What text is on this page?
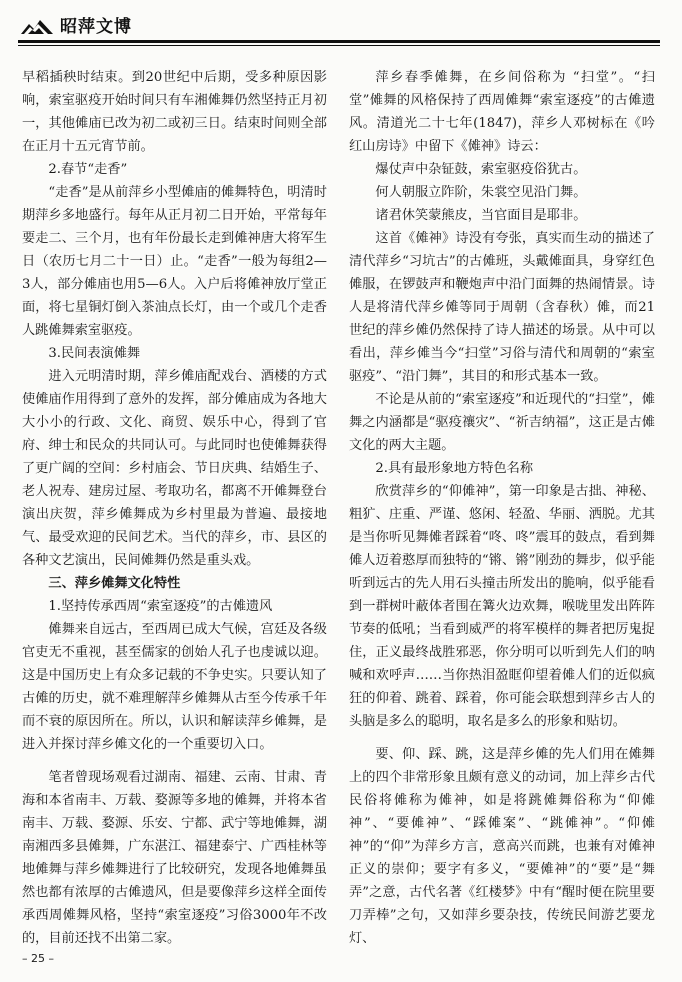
昭萍文博

早稻插秧时结束。到20世纪中后期，受多种原因影响，索室驱疫开始时间只有车湘傩舞仍然坚持正月初一，其他傩庙已改为初二或初三日。结束时间则全部在正月十五元宵节前。

2.春节“走香”

“走香”是从前萍乡小型傩庙的傩舞特色，明清时期萍乡多地盛行。每年从正月初二日开始，平常每年要走二、三个月，也有年份最长走到傩神唐大将军生日（农历七月二十一日）止。“走香”一般为每组2—3人，部分傩庙也用5—6人。入户后将傩神放厅堂正面，将七星铜灯倒入茶油点长灯，由一个或几个走香人跳傩舞索室驱疫。

3.民间表演傩舞

进入元明清时期，萍乡傩庙配戏台、酒楼的方式使傩庙作用得到了意外的发挥，部分傩庙成为各地大大小小的行政、文化、商贸、娱乐中心，得到了官府、绅士和民众的共同认可。与此同时也使傩舞获得了更广阔的空间：乡村庙会、节日庆典、结婚生子、老人祝寿、建房过屋、考取功名，都离不开傩舞登台演出庆贺，萍乡傩舞成为乡村里最为普遍、最接地气、最受欢迎的民间艺术。当代的萍乡，市、县区的各种文艺演出，民间傩舞仍然是重头戏。

三、萍乡傩舞文化特性

1.坚持传承西周“索室逐疫”的古傩遗风

傩舞来自远古，至西周已成大气候，宫廷及各级官吏无不重视，甚至儒家的创始人孔子也虔诚以迎。这是中国历史上有众多记载的不争史实。只要认知了古傩的历史，就不难理解萍乡傩舞从古至今传承千年而不衰的原因所在。所以，认识和解读萍乡傩舞，是进入并探讨萍乡傩文化的一个重要切入口。

笔者曾现场观看过湖南、福建、云南、甘肃、青海和本省南丰、万载、婺源等多地的傩舞，并将本省南丰、万载、婺源、乐安、宁都、武宁等地傩舞，湖南湘西多县傩舞，广东湛江、福建泰宁、广西桂林等地傩舞与萍乡傩舞进行了比较研究，发现各地傩舞虽然也都有浓厚的古傩遗风，但是要像萍乡这样全面传承西周傩舞风格，坚持“索室逐疫”习俗3000年不改的，目前还找不出第二家。

萍乡春季傩舞，在乡间俗称为 “扫堂”。“扫堂”傩舞的风格保持了西周傩舞“索室逐疫”的古傩遗风。清道光二十七年(1847)，萍乡人邓树标在《吟红山房诗》中留下《傩神》诗云：

爆仗声中杂钲鼓，索室驱疫俗犹古。

何人朝服立阼阶，朱裳空见沿门舞。

诸君休笑蒙熊皮，当官面目是耶非。

这首《傩神》诗没有夸张，真实而生动的描述了清代萍乡“习坑古”的古傩班，头戴傩面具，身穿红色傩服，在锣鼓声和鞭炮声中沿门面舞的热闹情景。诗人是将清代萍乡傩等同于周朝（含春秋）傩，而21世纪的萍乡傩仍然保持了诗人描述的场景。从中可以看出，萍乡傩当今“扫堂”习俗与清代和周朝的“索室驱疫”、“沿门舞”，其目的和形式基本一致。

不论是从前的“索室逐疫”和近现代的“扫堂”，傩舞之内涵都是“驱疫禳灾”、“祈吉纳福”，这正是古傩文化的两大主题。

2.具有最形象地方特色名称

欣赏萍乡的“仰傩神”，第一印象是古拙、神秘、粗犷、庄重、严谨、悠闲、轻盈、华丽、洒脱。尤其是当你听见舞傩者踩着“咚、咚”震耳的鼓点，看到舞傩人迈着憨厚而独特的“锵、锵”刚劲的舞步，似乎能听到远古的先人用石头撞击所发出的脆响，似乎能看到一群树叶蔽体者围在篝火边欢舞，喉咙里发出阵阵节奏的低吼；当看到威严的将军模样的舞者把厉鬼捉住，正义最终战胜邪恶，你分明可以听到先人们的呐喊和欢呼声……当你热泪盈眶仰望着傩人们的近似疯狂的仰着、跳着、踩着，你可能会联想到萍乡古人的头脑是多么的聪明，取名是多么的形象和贴切。

要、仰、踩、跳，这是萍乡傩的先人们用在傩舞上的四个非常形象且颇有意义的动词，加上萍乡古代民俗将傩称为傩神，如是将跳傩舞俗称为“仰傩神”、“要傩神”、“踩傩案”、“跳傩神”。“仰傩神”的“仰”为萍乡方言，意高兴而跳，也兼有对傩神正义的崇仰；要字有多义，“要傩神”的“要”是“舞弄”之意，古代名著《红楼梦》中有“醒时便在院里要刀弄棒”之句，又如萍乡要杂技，传统民间游艺要龙灯、

– 25 –
